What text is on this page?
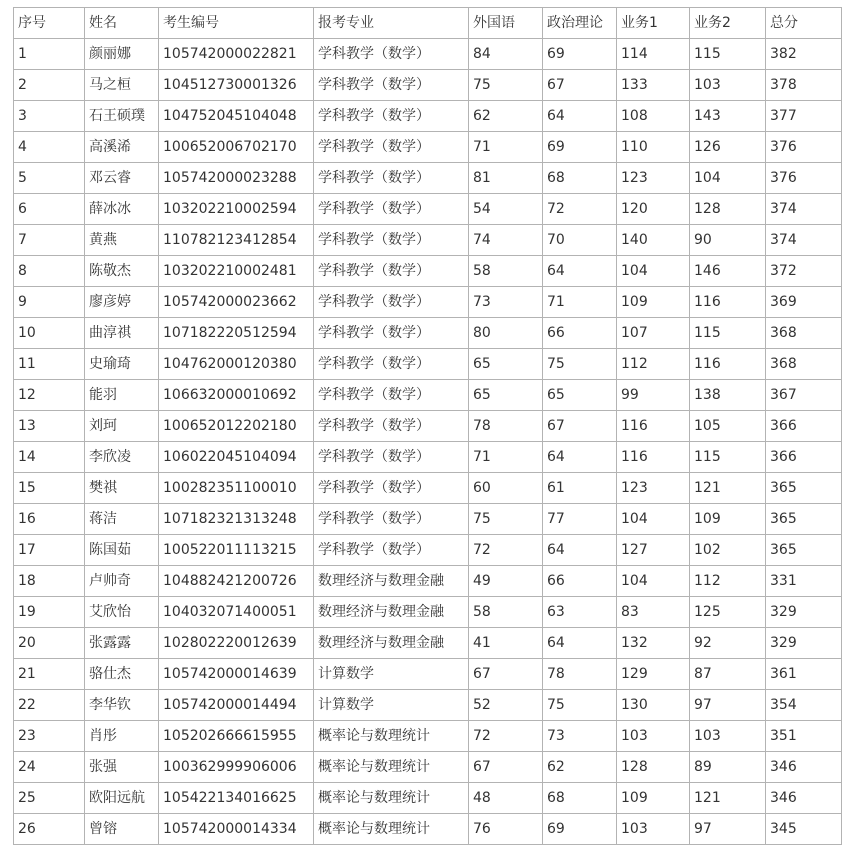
序号	姓名	考生编号	报考专业	外国语	政治理论	业务1	业务2	总分
1	颜丽娜	105742000022821	学科教学（数学）	84	69	114	115	382
2	马之桓	104512730001326	学科教学（数学）	75	67	133	103	378
3	石王硕璞	104752045104048	学科教学（数学）	62	64	108	143	377
4	高溪浠	100652006702170	学科教学（数学）	71	69	110	126	376
5	邓云睿	105742000023288	学科教学（数学）	81	68	123	104	376
6	薛冰冰	103202210002594	学科教学（数学）	54	72	120	128	374
7	黄燕	110782123412854	学科教学（数学）	74	70	140	90	374
8	陈敬杰	103202210002481	学科教学（数学）	58	64	104	146	372
9	廖彦婷	105742000023662	学科教学（数学）	73	71	109	116	369
10	曲淳祺	107182220512594	学科教学（数学）	80	66	107	115	368
11	史瑜琦	104762000120380	学科教学（数学）	65	75	112	116	368
12	能羽	106632000010692	学科教学（数学）	65	65	99	138	367
13	刘珂	100652012202180	学科教学（数学）	78	67	116	105	366
14	李欣凌	106022045104094	学科教学（数学）	71	64	116	115	366
15	樊祺	100282351100010	学科教学（数学）	60	61	123	121	365
16	蒋洁	107182321313248	学科教学（数学）	75	77	104	109	365
17	陈国茹	100522011113215	学科教学（数学）	72	64	127	102	365
18	卢帅奇	104882421200726	数理经济与数理金融	49	66	104	112	331
19	艾欣怡	104032071400051	数理经济与数理金融	58	63	83	125	329
20	张露露	102802220012639	数理经济与数理金融	41	64	132	92	329
21	骆仕杰	105742000014639	计算数学	67	78	129	87	361
22	李华钦	105742000014494	计算数学	52	75	130	97	354
23	肖彤	105202666615955	概率论与数理统计	72	73	103	103	351
24	张强	100362999906006	概率论与数理统计	67	62	128	89	346
25	欧阳远航	105422134016625	概率论与数理统计	48	68	109	121	346
26	曾镕	105742000014334	概率论与数理统计	76	69	103	97	345
